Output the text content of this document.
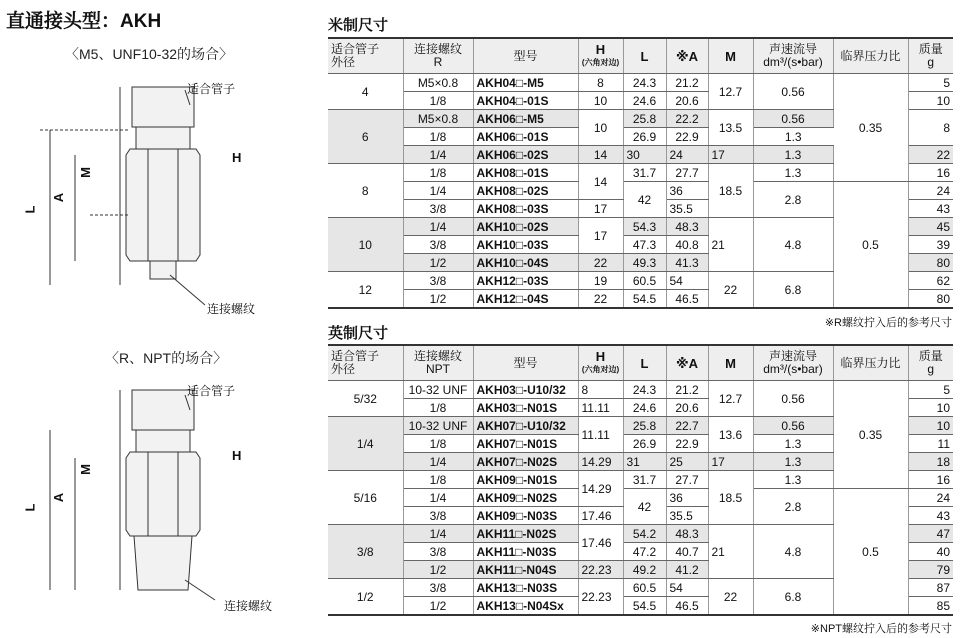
直通接头型：AKH
〈M5、UNF10-32的场合〉
适合管子
连接螺纹
H
M
A
L
〈R、NPT的场合〉
适合管子
连接螺纹
H
M
A
L
米制尺寸
适合管子
外径	连接螺纹
R	型号	H
(六角对边)	L	※A	M	声速流导
dm³/(s•bar)	临界压力比	质量
g
4	M5×0.8	AKH04□-M5	8	24.3	21.2	12.7	0.56	0.35	5
	1/8	AKH04□-01S	10	24.6	20.6				10
6	M5×0.8	AKH06□-M5	10	25.8	22.2	13.5	0.56		8
	1/8	AKH06□-01S		26.9	22.9		1.3		
	1/4	AKH06□-02S	14	30	24	17	1.3		22
8	1/8	AKH08□-01S	14	31.7	27.7	18.5	1.3		16
	1/4	AKH08□-02S		42	36		2.8	0.5	24
	3/8	AKH08□-03S	17		35.5				43
10	1/4	AKH10□-02S	17	54.3	48.3	21	4.8		45
	3/8	AKH10□-03S		47.3	40.8				39
	1/2	AKH10□-04S	22	49.3	41.3				80
12	3/8	AKH12□-03S	19	60.5	54	22	6.8		62
	1/2	AKH12□-04S	22	54.5	46.5				80
※R螺纹拧入后的参考尺寸
英制尺寸
适合管子
外径	连接螺纹
NPT	型号	H
(六角对边)	L	※A	M	声速流导
dm³/(s•bar)	临界压力比	质量
g
5/32	10-32 UNF	AKH03□-U10/32	8	24.3	21.2	12.7	0.56	0.35	5
	1/8	AKH03□-N01S	11.11	24.6	20.6				10
1/4	10-32 UNF	AKH07□-U10/32	11.11	25.8	22.7	13.6	0.56		10
	1/8	AKH07□-N01S		26.9	22.9		1.3		11
	1/4	AKH07□-N02S	14.29	31	25	17	1.3		18
5/16	1/8	AKH09□-N01S	14.29	31.7	27.7	18.5	1.3		16
	1/4	AKH09□-N02S		42	36		2.8	0.5	24
	3/8	AKH09□-N03S	17.46		35.5				43
3/8	1/4	AKH11□-N02S	17.46	54.2	48.3	21	4.8		47
	3/8	AKH11□-N03S		47.2	40.7				40
	1/2	AKH11□-N04S	22.23	49.2	41.2				79
1/2	3/8	AKH13□-N03S	22.23	60.5	54	22	6.8		87
	1/2	AKH13□-N04Sx		54.5	46.5				85
※NPT螺纹拧入后的参考尺寸
